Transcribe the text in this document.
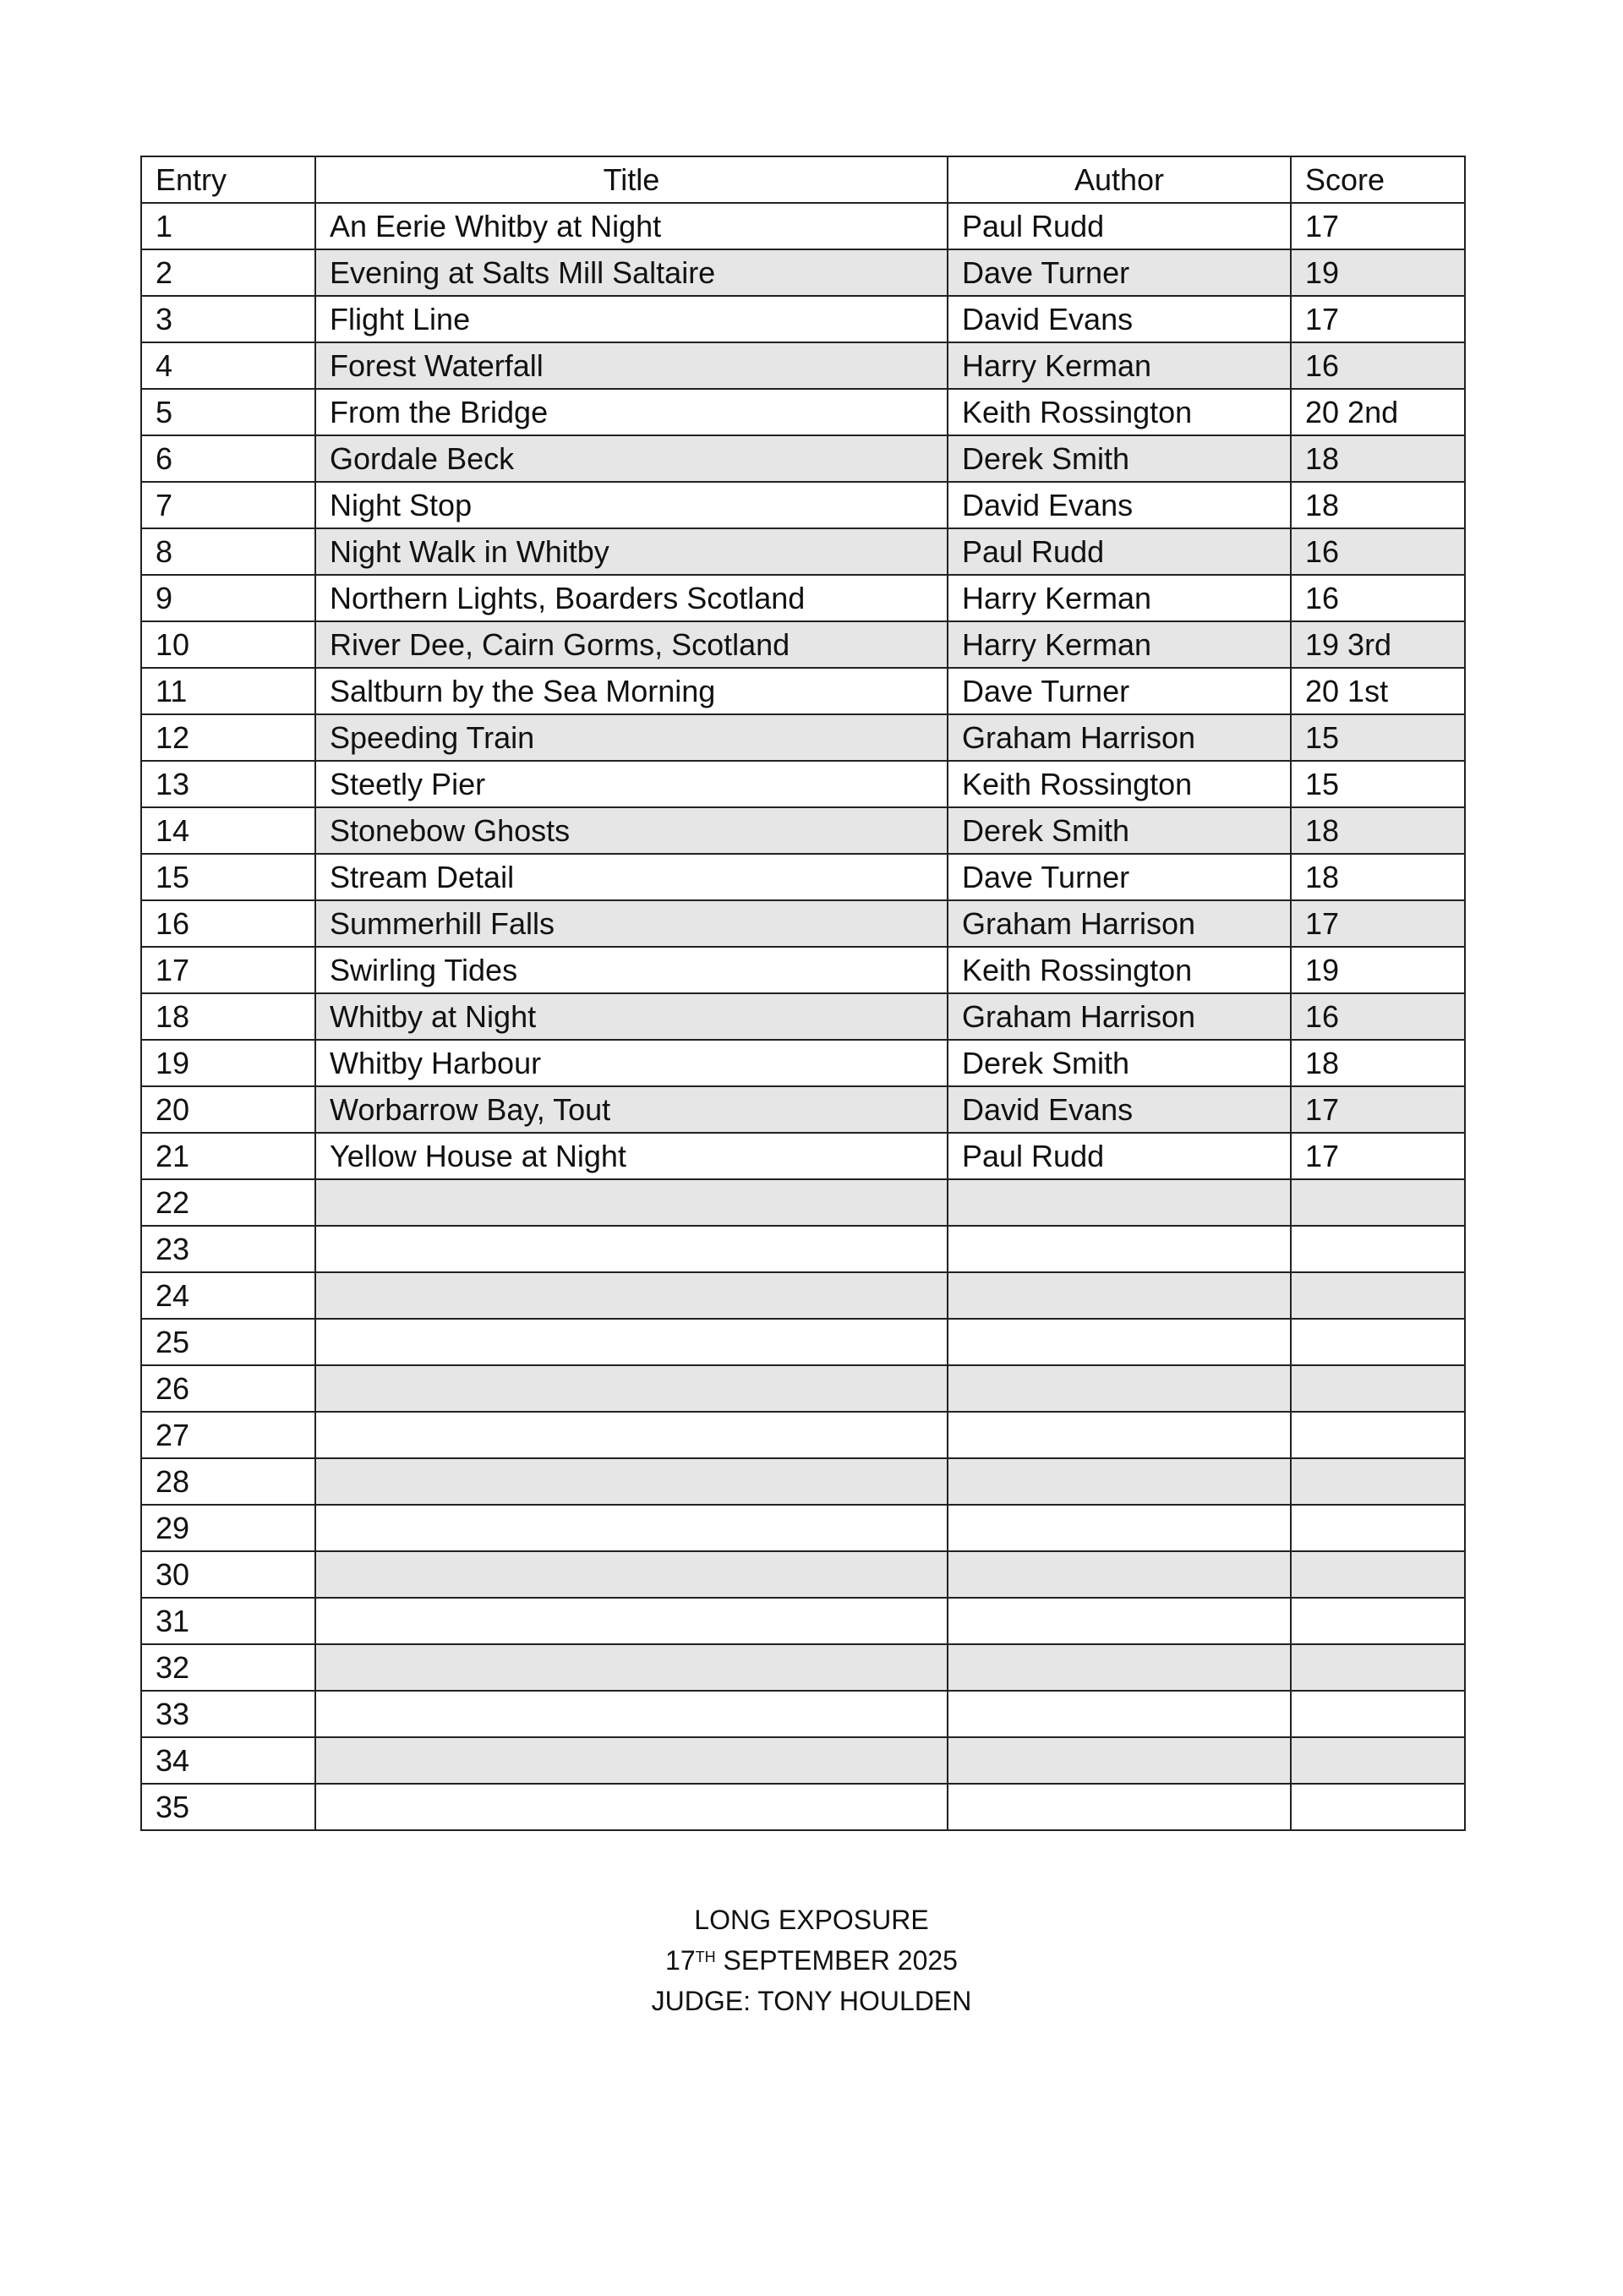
Entry	Title	Author	Score
1	An Eerie Whitby at Night	Paul Rudd	17
2	Evening at Salts Mill Saltaire	Dave Turner	19
3	Flight Line	David Evans	17
4	Forest Waterfall	Harry Kerman	16
5	From the Bridge	Keith Rossington	20 2nd
6	Gordale Beck	Derek Smith	18
7	Night Stop	David Evans	18
8	Night Walk in Whitby	Paul Rudd	16
9	Northern Lights, Boarders Scotland	Harry Kerman	16
10	River Dee, Cairn Gorms, Scotland	Harry Kerman	19 3rd
11	Saltburn by the Sea Morning	Dave Turner	20 1st
12	Speeding Train	Graham Harrison	15
13	Steetly Pier	Keith Rossington	15
14	Stonebow Ghosts	Derek Smith	18
15	Stream Detail	Dave Turner	18
16	Summerhill Falls	Graham Harrison	17
17	Swirling Tides	Keith Rossington	19
18	Whitby at Night	Graham Harrison	16
19	Whitby Harbour	Derek Smith	18
20	Worbarrow Bay, Tout	David Evans	17
21	Yellow House at Night	Paul Rudd	17
22			
23			
24			
25			
26			
27			
28			
29			
30			
31			
32			
33			
34			
35			
LONG EXPOSURE
17TH SEPTEMBER 2025
JUDGE: TONY HOULDEN
